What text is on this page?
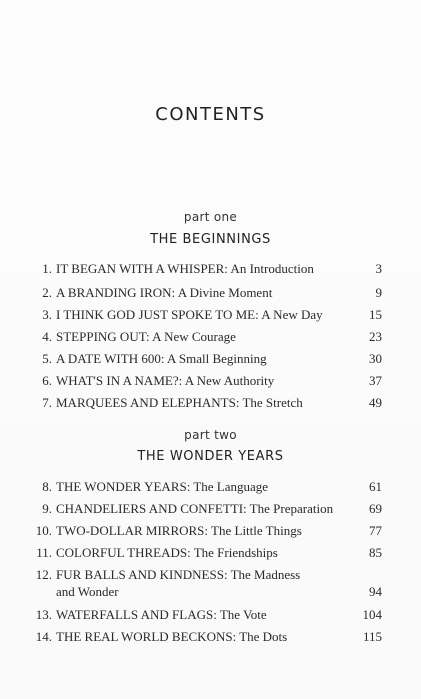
CONTENTS
part one
THE BEGINNINGS
1. IT BEGAN WITH A WHISPER: An Introduction	3
2. A BRANDING IRON: A Divine Moment	9
3. I THINK GOD JUST SPOKE TO ME: A New Day	15
4. STEPPING OUT: A New Courage	23
5. A DATE WITH 600: A Small Beginning	30
6. WHAT'S IN A NAME?: A New Authority	37
7. MARQUEES AND ELEPHANTS: The Stretch	49
part two
THE WONDER YEARS
8. THE WONDER YEARS: The Language	61
9. CHANDELIERS AND CONFETTI: The Preparation	69
10. TWO-DOLLAR MIRRORS: The Little Things	77
11. COLORFUL THREADS: The Friendships	85
12. FUR BALLS AND KINDNESS: The Madness
and Wonder	94
13. WATERFALLS AND FLAGS: The Vote	104
14. THE REAL WORLD BECKONS: The Dots	115
